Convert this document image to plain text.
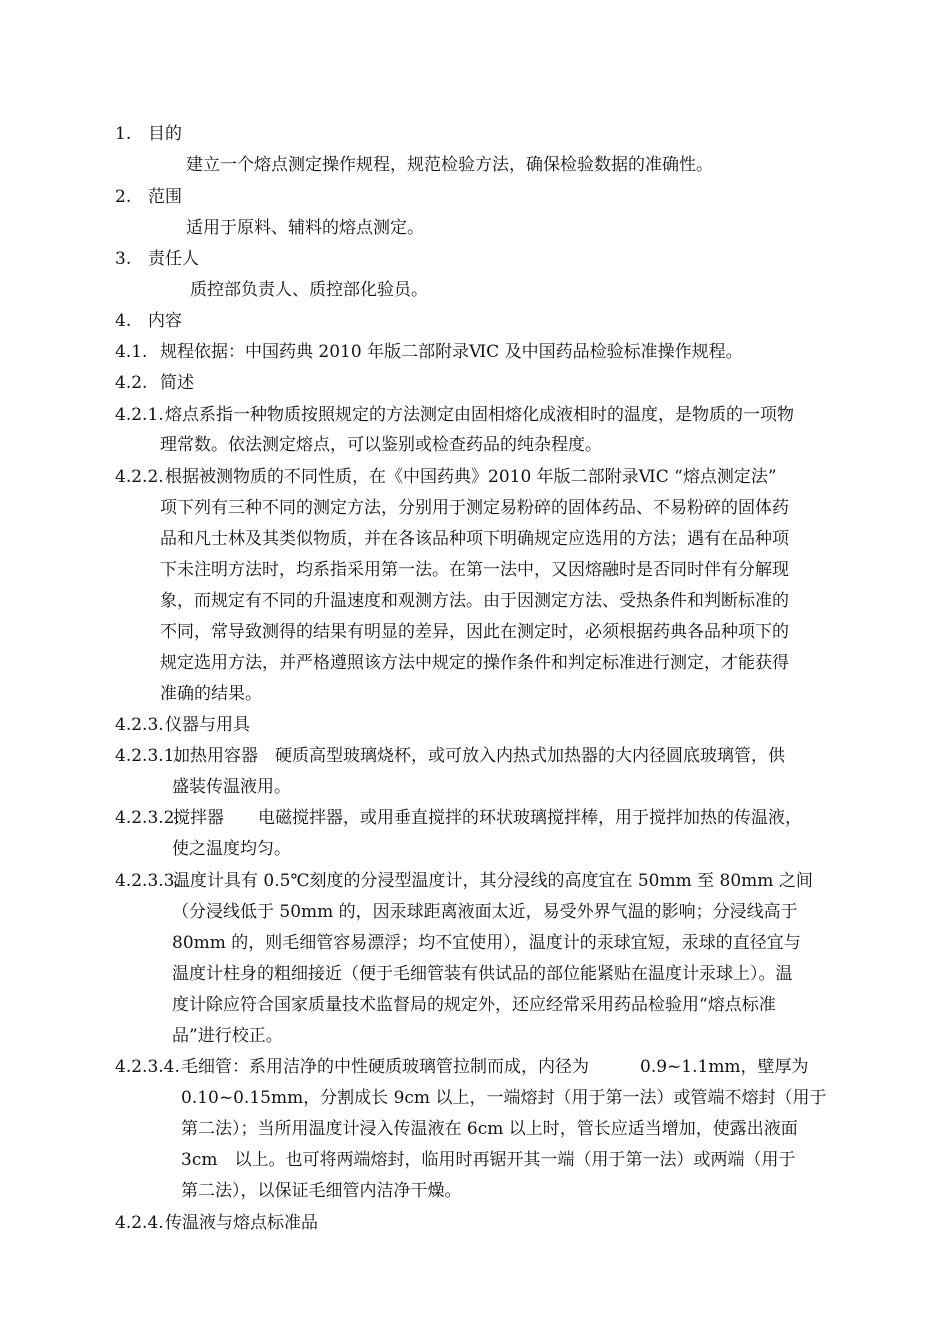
1. 目的
建立一个熔点测定操作规程，规范检验方法，确保检验数据的准确性。
2. 范围
适用于原料、辅料的熔点测定。
3. 责任人
质控部负责人、质控部化验员。
4. 内容
4.1. 规程依据：中国药典 2010 年版二部附录ⅥC 及中国药品检验标准操作规程。
4.2. 简述
4.2.1. 熔点系指一种物质按照规定的方法测定由固相熔化成液相时的温度，是物质的一项物
理常数。依法测定熔点，可以鉴别或检查药品的纯杂程度。
4.2.2. 根据被测物质的不同性质，在《中国药典》2010 年版二部附录ⅥC “熔点测定法”
项下列有三种不同的测定方法，分别用于测定易粉碎的固体药品、不易粉碎的固体药
品和凡士林及其类似物质，并在各该品种项下明确规定应选用的方法；遇有在品种项
下未注明方法时，均系指采用第一法。在第一法中，又因熔融时是否同时伴有分解现
象，而规定有不同的升温速度和观测方法。由于因测定方法、受热条件和判断标准的
不同，常导致测得的结果有明显的差异，因此在测定时，必须根据药典各品种项下的
规定选用方法，并严格遵照该方法中规定的操作条件和判定标准进行测定，才能获得
准确的结果。
4.2.3. 仪器与用具
4.2.3.1.
加热用容器　硬质高型玻璃烧杯，或可放入内热式加热器的大内径圆底玻璃管，供
盛装传温液用。
4.2.3.2.
搅拌器　　电磁搅拌器，或用垂直搅拌的环状玻璃搅拌棒，用于搅拌加热的传温液，
使之温度均匀。
4.2.3.3.
温度计具有 0.5℃刻度的分浸型温度计，其分浸线的高度宜在 50mm 至 80mm 之间
（分浸线低于 50mm 的，因汞球距离液面太近，易受外界气温的影响；分浸线高于
80mm 的，则毛细管容易漂浮；均不宜使用），温度计的汞球宜短，汞球的直径宜与
温度计柱身的粗细接近（便于毛细管装有供试品的部位能紧贴在温度计汞球上）。温
度计除应符合国家质量技术监督局的规定外，还应经常采用药品检验用“熔点标准
品”进行校正。
4.2.3.4. 毛细管：系用洁净的中性硬质玻璃管拉制而成，内径为　　　0.9~1.1mm，壁厚为
0.10~0.15mm，分割成长 9cm 以上，一端熔封（用于第一法）或管端不熔封（用于
第二法）；当所用温度计浸入传温液在 6cm 以上时，管长应适当增加，使露出液面
3cm　以上。也可将两端熔封，临用时再锯开其一端（用于第一法）或两端（用于
第二法），以保证毛细管内洁净干燥。
4.2.4. 传温液与熔点标准品
